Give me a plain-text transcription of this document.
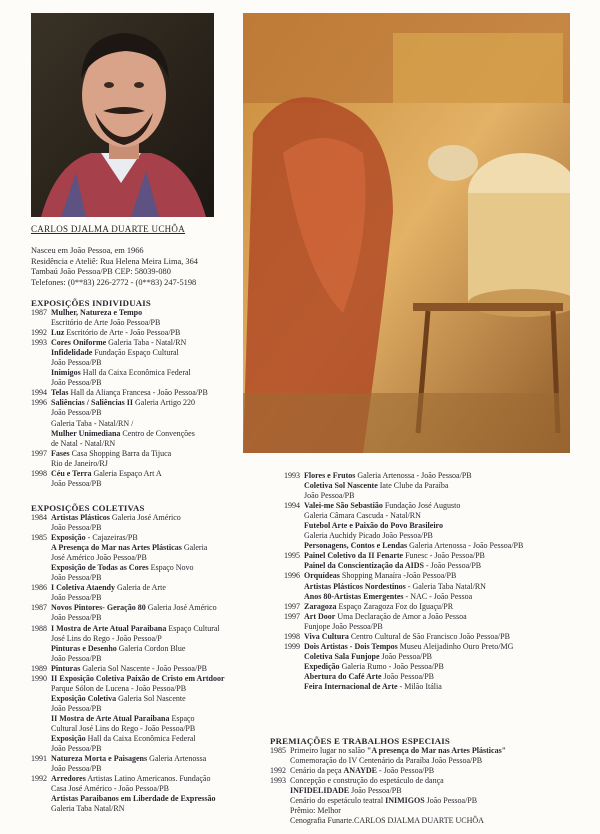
CARLOS DJALMA DUARTE UCHÔA
Nasceu em João Pessoa, em 1966
Residência e Ateliê: Rua Helena Meira Lima, 364
Tambaú João Pessoa/PB CEP: 58039-080
Telefones: (0**83) 226-2772 - (0**83) 247-5198

EXPOSIÇÕES INDIVIDUAIS

1987 Mulher, Natureza e Tempo
Escritório de Arte João Pessoa/PB
1992 Luz Escritório de Arte - João Pessoa/PB
1993 Cores Oniforme Galeria Taba - Natal/RN
Infidelidade Fundação Espaço Cultural
João Pessoa/PB
Inimigos Hall da Caixa Econômica Federal
João Pessoa/PB
1994 Telas Hall da Aliança Francesa - João Pessoa/PB
1996 Saliências / Saliências II Galeria Artigo 220
João Pessoa/PB
Galeria Taba - Natal/RN /
Mulher Unimediana Centro de Convenções
de Natal - Natal/RN
1997 Fases Casa Shopping Barra da Tijuca
Rio de Janeiro/RJ
1998 Céu e Terra Galeria Espaço Art A
João Pessoa/PB

EXPOSIÇÕES COLETIVAS

1984 Artistas Plásticos Galeria José Américo
João Pessoa/PB
1985 Exposição - Cajazeiras/PB
A Presença do Mar nas Artes Plásticas Galeria
José Américo João Pessoa/PB
Exposição de Todas as Cores Espaço Novo
João Pessoa/PB
1986 I Coletiva Ataendy Galeria de Arte
João Pessoa/PB
1987 Novos Pintores- Geração 80 Galeria José Américo
João Pessoa/PB
1988 I Mostra de Arte Atual Paraibana Espaço Cultural
José Lins do Rego - João Pessoa/P
Pinturas e Desenho Galeria Cordon Blue
João Pessoa/PB
1989 Pinturas Galeria Sol Nascente - João Pessoa/PB
1990 II Exposição Coletiva Paixão de Cristo em Artdoor
Parque Sólon de Lucena - João Pessoa/PB
Exposição Coletiva Galeria Sol Nascente
João Pessoa/PB
II Mostra de Arte Atual Paraibana Espaço
Cultural José Lins do Rego - João Pessoa/PB
Exposição Hall da Caixa Econômica Federal
João Pessoa/PB
1991 Natureza Morta e Paisagens Galeria Artenossa
João Pessoa/PB
1992 Arredores Artistas Latino Americanos. Fundação
Casa José Américo - João Pessoa/PB
Artistas Paraibanos em Liberdade de Expressão
Galeria Taba Natal/RN
1993 Flores e Frutos Galeria Artenossa - João Pessoa/PB
Coletiva Sol Nascente Iate Clube da Paraíba
João Pessoa/PB
1994 Valei-me São Sebastião Fundação José Augusto
Galeria Câmara Cascuda - Natal/RN
Futebol Arte e Paixão do Povo Brasileiro
Galeria Auchidy Picado João Pessoa/PB
Personagens, Contos e Lendas Galeria Artenossa - João Pessoa/PB
1995 Painel Coletivo da II Fenarte Funesc - João Pessoa/PB
Painel da Conscientização da AIDS - João Pessoa/PB
1996 Orquídeas Shopping Manaíra -João Pessoa/PB
Artistas Plásticos Nordestinos - Galeria Taba Natal/RN
Anos 80-Artistas Emergentes - NAC - João Pessoa
1997 Zaragoza Espaço Zaragoza Foz do Iguaçu/PR
1997 Art Door Uma Declaração de Amor a João Pessoa
Funjope João Pessoa/PB
1998 Viva Cultura Centro Cultural de São Francisco João Pessoa/PB
1999 Dois Artistas - Dois Tempos Museu Aleijadinho Ouro Preto/MG
Coletiva Sala Funjope João Pessoa/PB
Expedição Galeria Rumo - João Pessoa/PB
Abertura do Café Arte João Pessoa/PB
Feira Internacional de Arte - Milão Itália

PREMIAÇÕES E TRABALHOS ESPECIAIS

1985 Primeiro lugar no salão "A presença do Mar nas Artes Plásticas"
Comemoração do IV Centenário da Paraíba João Pessoa/PB
1992 Cenário da peça ANAYDE - João Pessoa/PB
1993 Concepção e construção do espetáculo de dança
INFIDELIDADE João Pessoa/PB
Cenário do espetáculo teatral INIMIGOS João Pessoa/PB
Prêmio: Melhor
Cenografia Funarte.CARLOS DJALMA DUARTE UCHÔA
